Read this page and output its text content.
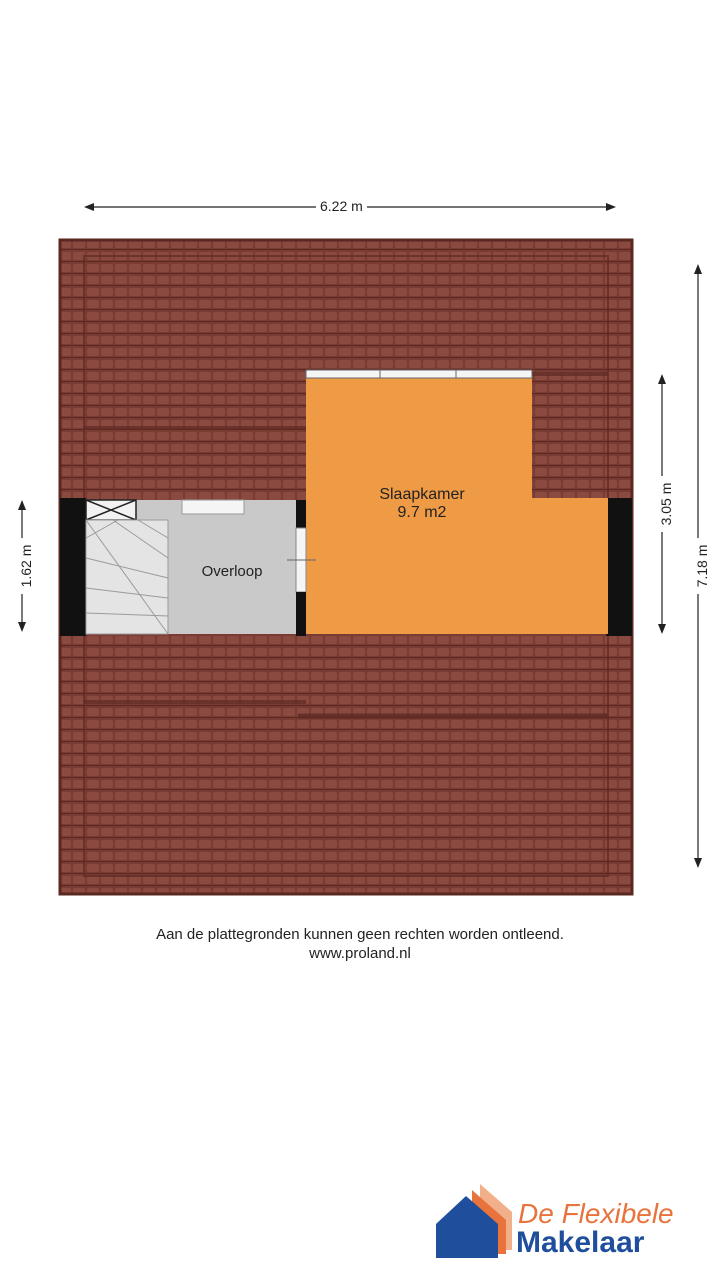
6.22 m
Slaapkamer
9.7 m2
Overloop
3.05 m
7.18 m
1.62 m
Aan de plattegronden kunnen geen rechten worden ontleend.
www.proland.nl
De Flexibele
Makelaar
